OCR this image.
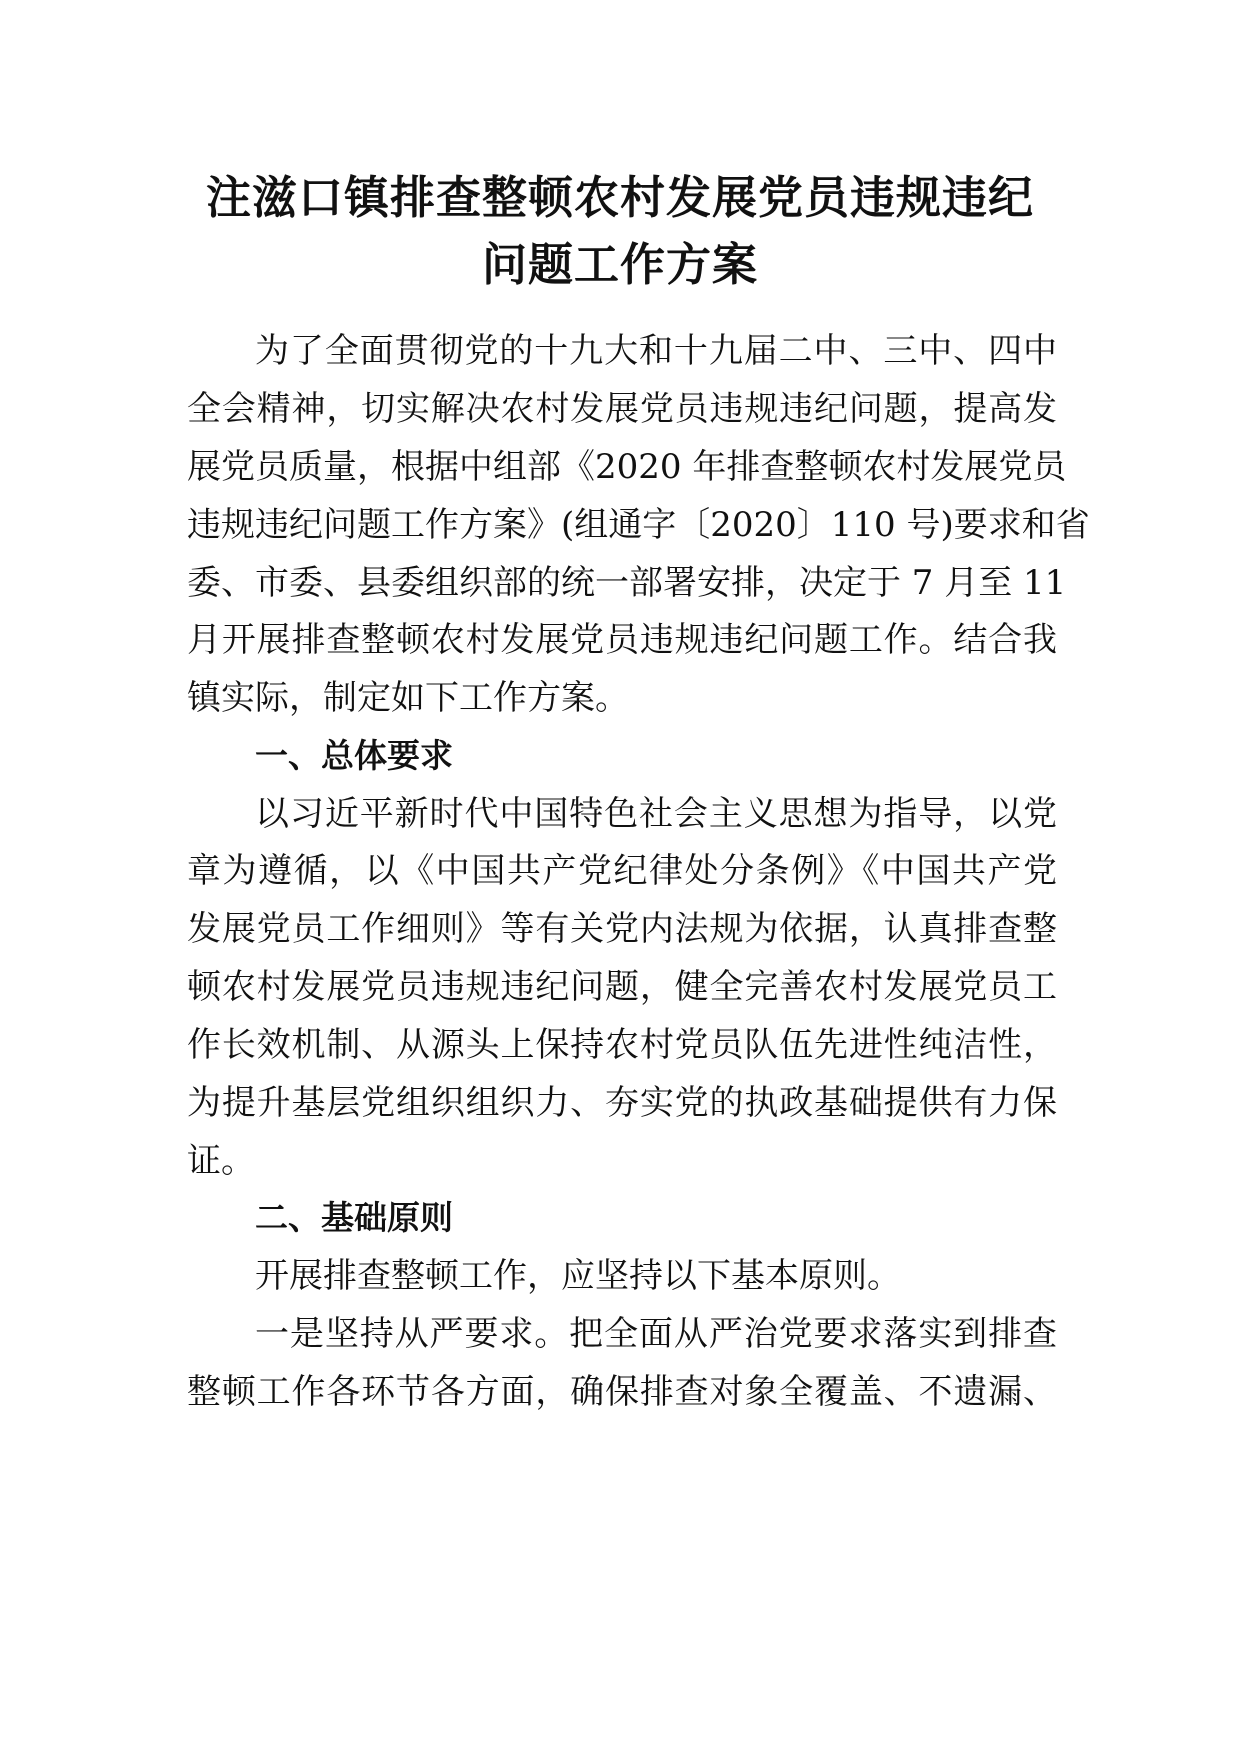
注滋口镇排查整顿农村发展党员违规违纪
问题工作方案

为了全面贯彻党的十九大和十九届二中、三中、四中

全会精神，切实解决农村发展党员违规违纪问题，提高发

展党员质量，根据中组部《2020 年排查整顿农村发展党员

违规违纪问题工作方案》(组通字〔2020〕110 号)要求和省

委、市委、县委组织部的统一部署安排，决定于 7 月至 11

月开展排查整顿农村发展党员违规违纪问题工作。结合我

镇实际，制定如下工作方案。

一、总体要求

以习近平新时代中国特色社会主义思想为指导，以党

章为遵循，以《中国共产党纪律处分条例》《中国共产党

发展党员工作细则》等有关党内法规为依据，认真排查整

顿农村发展党员违规违纪问题，健全完善农村发展党员工

作长效机制、从源头上保持农村党员队伍先进性纯洁性，

为提升基层党组织组织力、夯实党的执政基础提供有力保

证。

二、基础原则

开展排查整顿工作，应坚持以下基本原则。

一是坚持从严要求。把全面从严治党要求落实到排查

整顿工作各环节各方面，确保排查对象全覆盖、不遗漏、
